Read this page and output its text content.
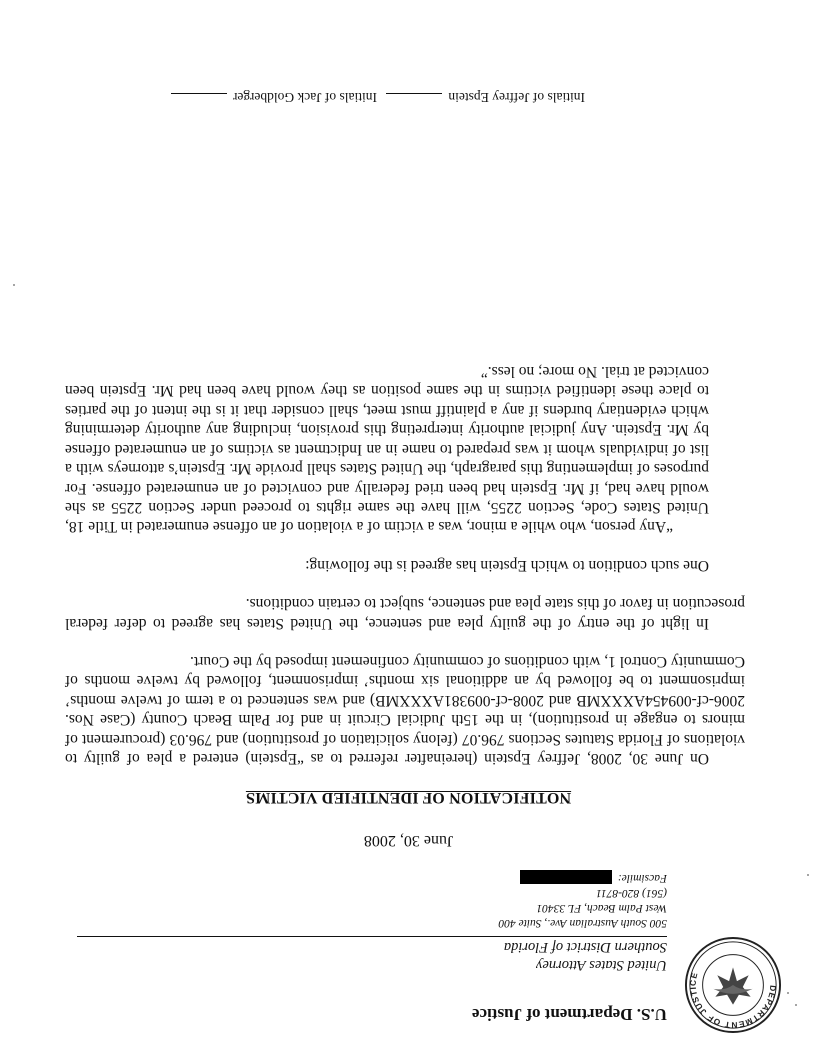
DEPARTMENT OF JUSTICE
U.S. Department of Justice
United States Attorney
Southern District of Florida
500 South Australian Ave., Suite 400
West Palm Beach, FL 33401
(561) 820-8711
Facsimile:
June 30, 2008
NOTIFICATION OF IDENTIFIED VICTIMS

On June 30, 2008, Jeffrey Epstein (hereinafter referred to as “Epstein) entered a plea of guilty to violations of Florida Statutes Sections 796.07 (felony solicitation of prostitution) and 796.03 (procurement of minors to engage in prostitution), in the 15th Judicial Circuit in and for Palm Beach County (Case Nos. 2006-cf-009454AXXXMB and 2008-cf-009381AXXXMB) and was sentenced to a term of twelve months’ imprisonment to be followed by an additional six months’ imprisonment, followed by twelve months of Community Control 1, with conditions of community confinement imposed by the Court.

In light of the entry of the guilty plea and sentence, the United States has agreed to defer federal prosecution in favor of this state plea and sentence, subject to certain conditions.

One such condition to which Epstein has agreed is the following:

“Any person, who while a minor, was a victim of a violation of an offense enumerated in Title 18, United States Code, Section 2255, will have the same rights to proceed under Section 2255 as she would have had, if Mr. Epstein had been tried federally and convicted of an enumerated offense. For purposes of implementing this paragraph, the United States shall provide Mr. Epstein’s attorneys with a list of individuals whom it was prepared to name in an Indictment as victims of an enumerated offense by Mr. Epstein. Any judicial authority interpreting this provision, including any authority determining which evidentiary burdens if any a plaintiff must meet, shall consider that it is the intent of the parties to place these identified victims in the same position as they would have been had Mr. Epstein been convicted at trial. No more; no less.”

Initials of Jeffrey Epstein Initials of Jack Goldberger
